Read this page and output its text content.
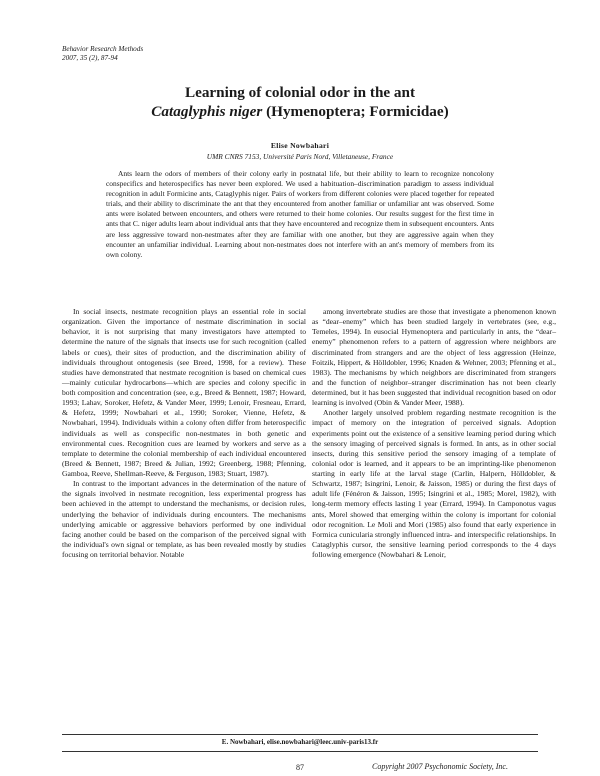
Behavior Research Methods
2007, 35 (2), 87-94
Learning of colonial odor in the ant
Cataglyphis niger (Hymenoptera; Formicidae)
Elise Nowbahari
UMR CNRS 7153, Université Paris Nord, Villetaneuse, France

Ants learn the odors of members of their colony early in postnatal life, but their ability to learn to recognize noncolony conspecifics and heterospecifics has never been explored. We used a habituation–discrimination paradigm to assess individual recognition in adult Formicine ants, Cataglyphis niger. Pairs of workers from different colonies were placed together for repeated trials, and their ability to discriminate the ant that they encountered from another familiar or unfamiliar ant was observed. Some ants were isolated between encounters, and others were returned to their home colonies. Our results suggest for the first time in ants that C. niger adults learn about individual ants that they have encountered and recognize them in subsequent encounters. Ants are less aggressive toward non-nestmates after they are familiar with one another, but they are aggressive again when they encounter an unfamiliar individual. Learning about non-nestmates does not interfere with an ant's memory of members from its own colony.

In social insects, nestmate recognition plays an essential role in social organization. Given the importance of nestmate discrimination in social behavior, it is not surprising that many investigators have attempted to determine the nature of the signals that insects use for such recognition (called labels or cues), their sites of production, and the discrimination ability of individuals throughout ontogenesis (see Breed, 1998, for a review). These studies have demonstrated that nestmate recognition is based on chemical cues—mainly cuticular hydrocarbons—which are species and colony specific in both composition and concentration (see, e.g., Breed & Bennett, 1987; Howard, 1993; Lahav, Soroker, Hefetz, & Vander Meer, 1999; Lenoir, Fresneau, Errard, & Hefetz, 1999; Nowbahari et al., 1990; Soroker, Vienne, Hefetz, & Nowbahari, 1994). Individuals within a colony often differ from heterospecific individuals as well as conspecific non-nestmates in both genetic and environmental cues. Recognition cues are learned by workers and serve as a template to determine the colonial membership of each individual encountered (Breed & Bennett, 1987; Breed & Julian, 1992; Greenberg, 1988; Pfenning, Gamboa, Reeve, Shellman-Reeve, & Ferguson, 1983; Stuart, 1987).

In contrast to the important advances in the determination of the nature of the signals involved in nestmate recognition, less experimental progress has been achieved in the attempt to understand the mechanisms, or decision rules, underlying the behavior of individuals during encounters. The mechanisms underlying amicable or aggressive behaviors performed by one individual facing another could be based on the comparison of the perceived signal with the individual's own signal or template, as has been revealed mostly by studies focusing on territorial behavior. Notable

among invertebrate studies are those that investigate a phenomenon known as “dear–enemy” which has been studied largely in vertebrates (see, e.g., Temeles, 1994). In eusocial Hymenoptera and particularly in ants, the “dear–enemy” phenomenon refers to a pattern of aggression where neighbors are discriminated from strangers and are the object of less aggression (Heinze, Foitzik, Hippert, & Hölldobler, 1996; Knaden & Wehner, 2003; Pfenning et al., 1983). The mechanisms by which neighbors are discriminated from strangers and the function of neighbor–stranger discrimination has not been clearly determined, but it has been suggested that individual recognition based on odor learning is involved (Obin & Vander Meer, 1988).

Another largely unsolved problem regarding nestmate recognition is the impact of memory on the integration of perceived signals. Adoption experiments point out the existence of a sensitive learning period during which the sensory imaging of perceived signals is formed. In ants, as in other social insects, during this sensitive period the sensory imaging of a template of colonial odor is learned, and it appears to be an imprinting-like phenomenon starting in early life at the larval stage (Carlin, Halpern, Hölldobler, & Schwartz, 1987; Isingrini, Lenoir, & Jaisson, 1985) or during the first days of adult life (Fénéron & Jaisson, 1995; Isingrini et al., 1985; Morel, 1982), with long-term memory effects lasting 1 year (Errard, 1994). In Camponotus vagus ants, Morel showed that emerging within the colony is important for colonial odor recognition. Le Moli and Mori (1985) also found that early experience in Formica cunicularia strongly influenced intra- and interspecific relationships. In Cataglyphis cursor, the sensitive learning period corresponds to the 4 days following emergence (Nowbahari & Lenoir,

E. Nowbahari, elise.nowbahari@leec.univ-paris13.fr
87	Copyright 2007 Psychonomic Society, Inc.
